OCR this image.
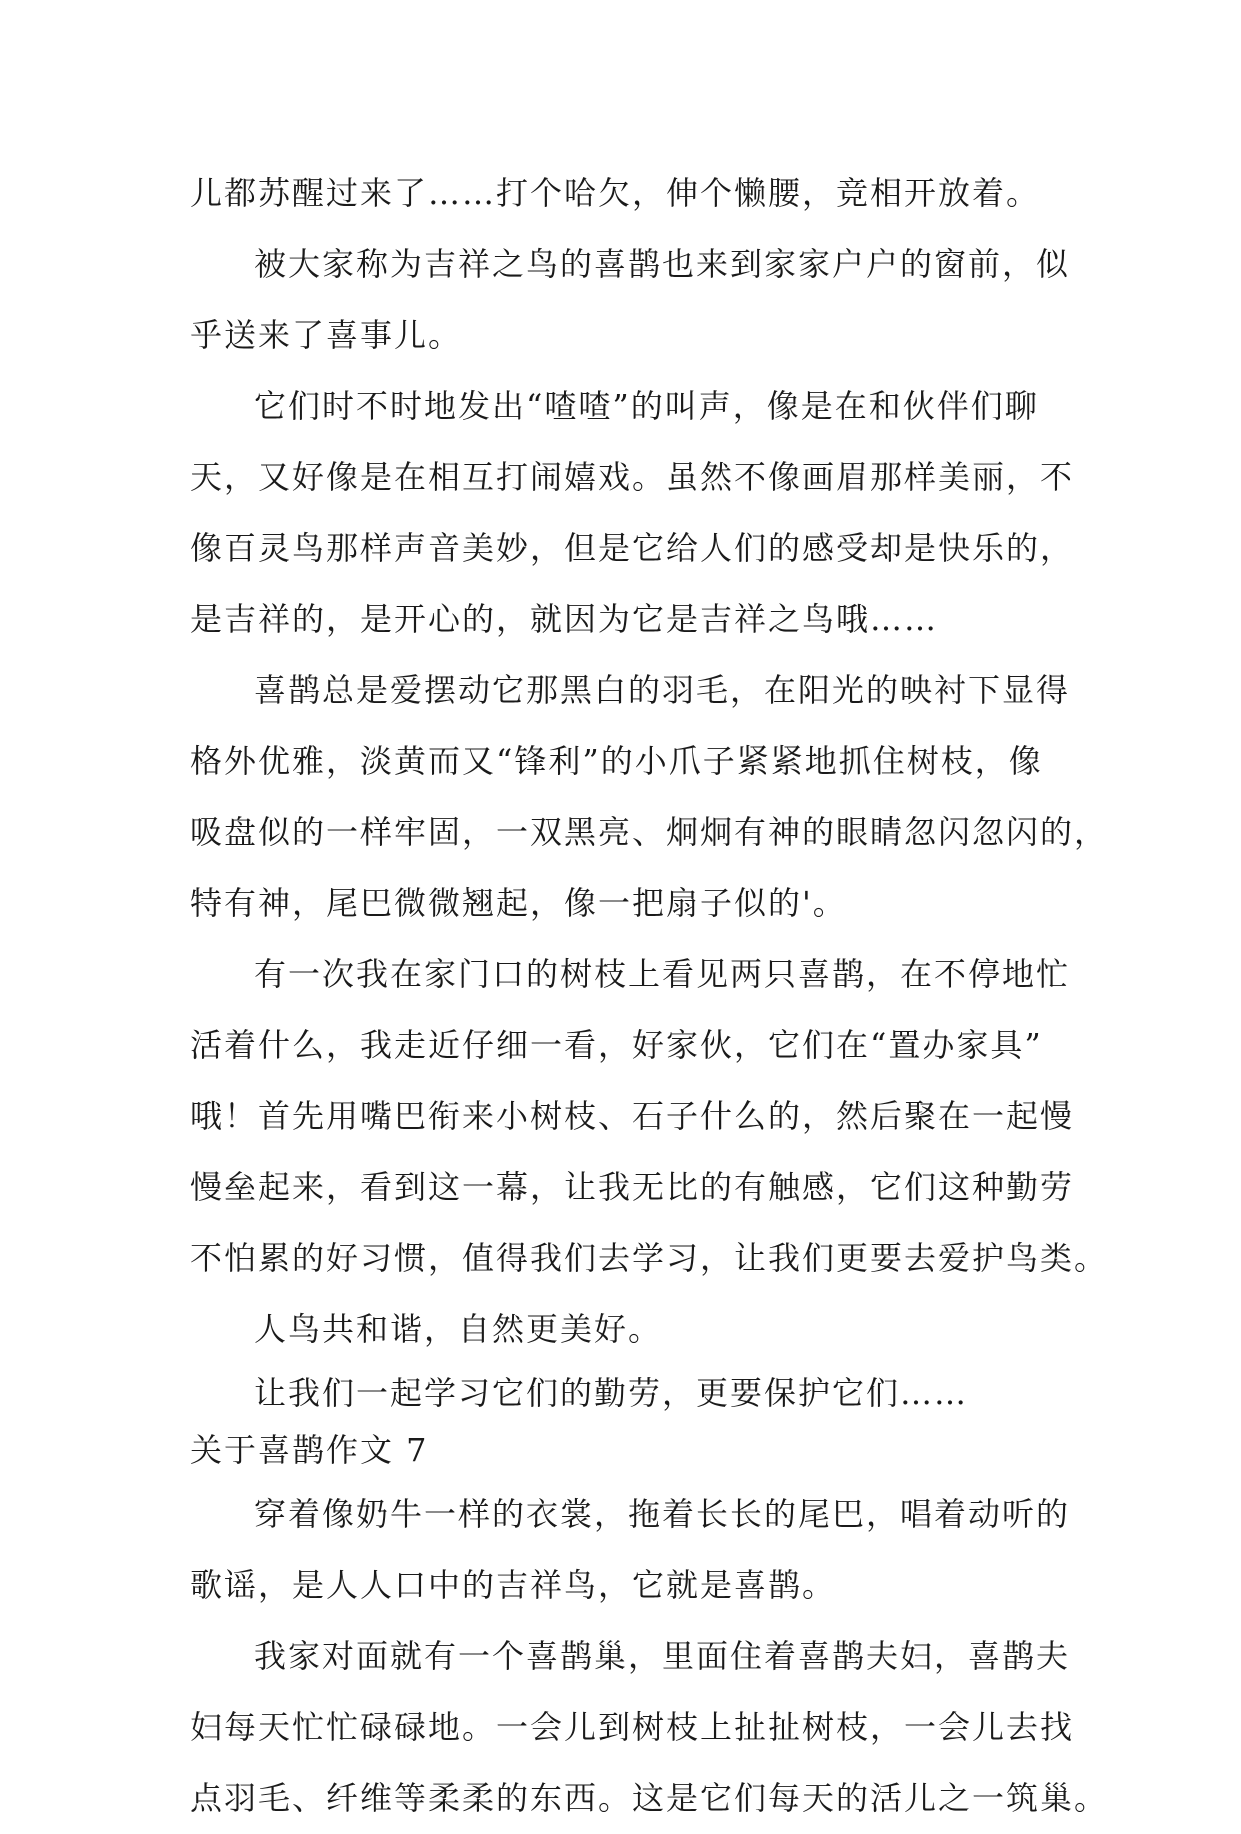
儿都苏醒过来了……打个哈欠，伸个懒腰，竞相开放着。
被大家称为吉祥之鸟的喜鹊也来到家家户户的窗前，似
乎送来了喜事儿。
它们时不时地发出“喳喳”的叫声，像是在和伙伴们聊
天，又好像是在相互打闹嬉戏。虽然不像画眉那样美丽，不
像百灵鸟那样声音美妙，但是它给人们的感受却是快乐的，
是吉祥的，是开心的，就因为它是吉祥之鸟哦……
喜鹊总是爱摆动它那黑白的羽毛，在阳光的映衬下显得
格外优雅，淡黄而又“锋利”的小爪子紧紧地抓住树枝，像
吸盘似的一样牢固，一双黑亮、炯炯有神的眼睛忽闪忽闪的，
特有神，尾巴微微翘起，像一把扇子似的'。
有一次我在家门口的树枝上看见两只喜鹊，在不停地忙
活着什么，我走近仔细一看，好家伙，它们在“置办家具”
哦！首先用嘴巴衔来小树枝、石子什么的，然后聚在一起慢
慢垒起来，看到这一幕，让我无比的有触感，它们这种勤劳
不怕累的好习惯，值得我们去学习，让我们更要去爱护鸟类。
人鸟共和谐，自然更美好。
让我们一起学习它们的勤劳，更要保护它们……
关于喜鹊作文 7
穿着像奶牛一样的衣裳，拖着长长的尾巴，唱着动听的
歌谣，是人人口中的吉祥鸟，它就是喜鹊。
我家对面就有一个喜鹊巢，里面住着喜鹊夫妇，喜鹊夫
妇每天忙忙碌碌地。一会儿到树枝上扯扯树枝，一会儿去找
点羽毛、纤维等柔柔的东西。这是它们每天的活儿之一筑巢。
